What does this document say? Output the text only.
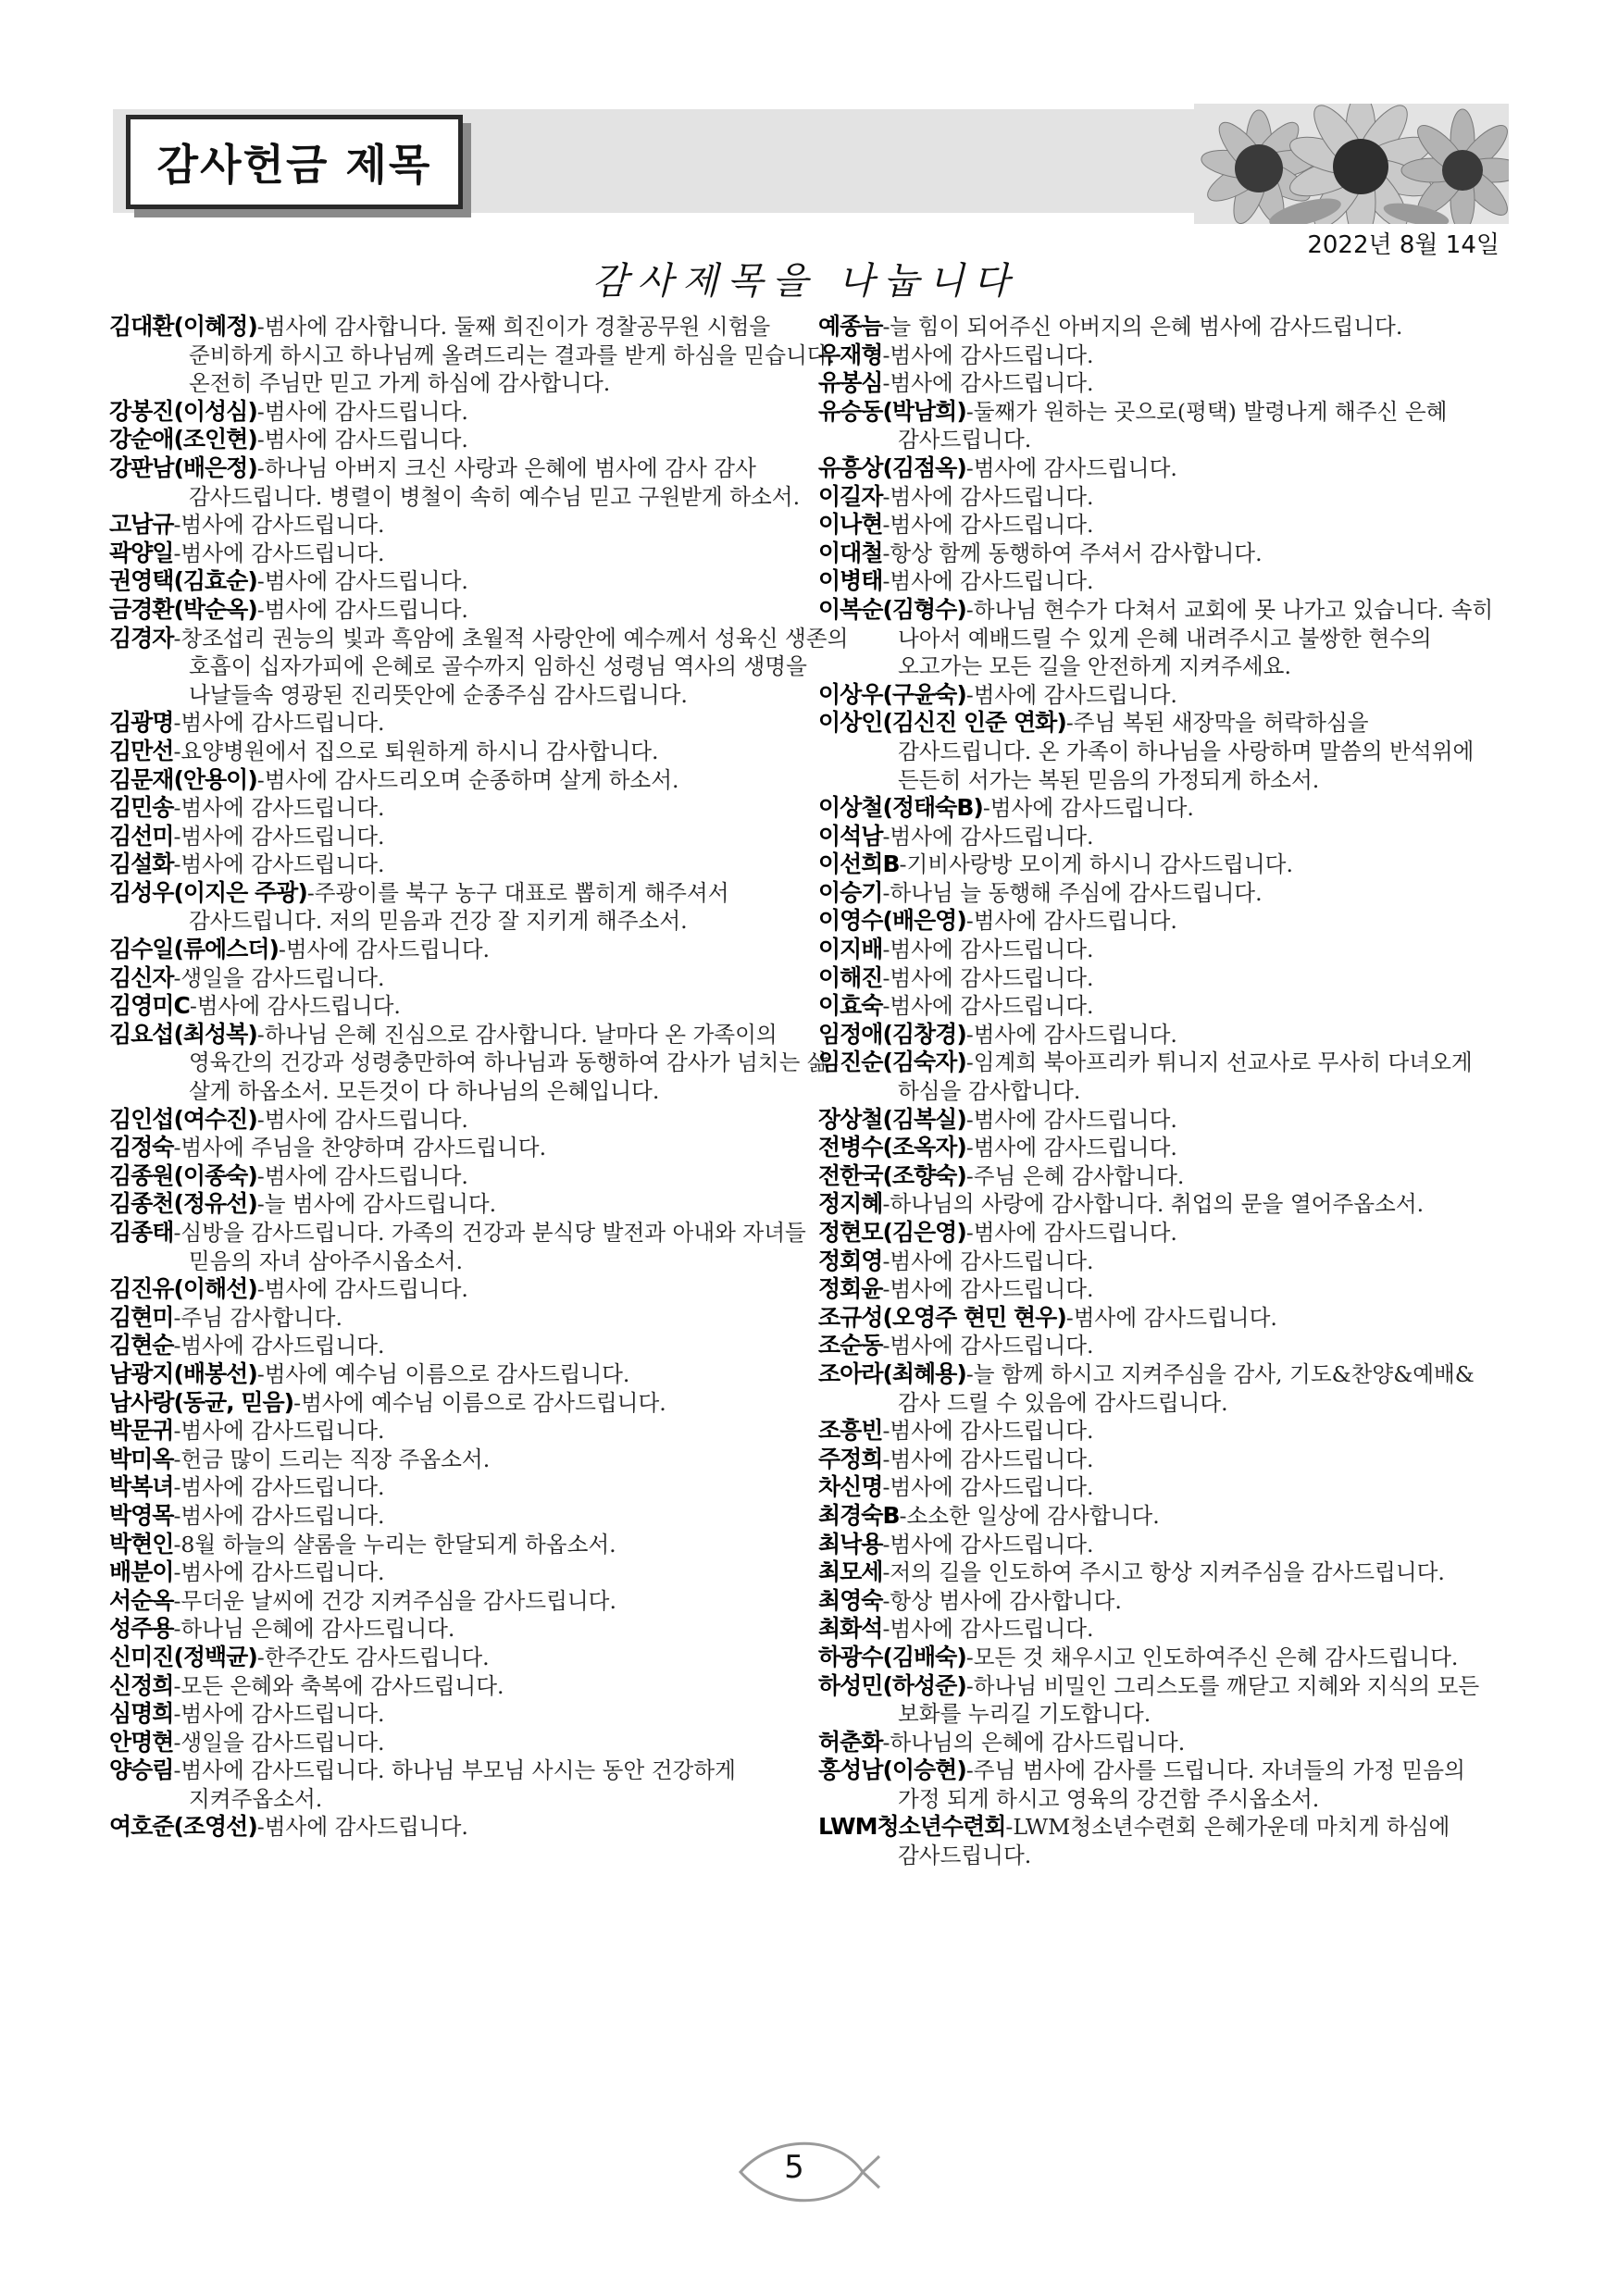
감사헌금 제목
2022년 8월 14일
감사제목을 나눕니다
김대환(이혜정)-범사에 감사합니다. 둘째 희진이가 경찰공무원 시험을 준비하게 하시고 하나님께 올려드리는 결과를 받게 하심을 믿습니다. 온전히 주님만 믿고 가게 하심에 감사합니다.
강봉진(이성심)-범사에 감사드립니다.
강순애(조인현)-범사에 감사드립니다.
강판남(배은정)-하나님 아버지 크신 사랑과 은혜에 범사에 감사 감사 감사드립니다. 병렬이 병철이 속히 예수님 믿고 구원받게 하소서.
고남규-범사에 감사드립니다.
곽양일-범사에 감사드립니다.
권영택(김효순)-범사에 감사드립니다.
금경환(박순옥)-범사에 감사드립니다.
김경자-창조섭리 권능의 빛과 흑암에 초월적 사랑안에 예수께서 성육신 생존의 호흡이 십자가피에 은혜로 골수까지 임하신 성령님 역사의 생명을 나날들속 영광된 진리뜻안에 순종주심 감사드립니다.
김광명-범사에 감사드립니다.
김만선-요양병원에서 집으로 퇴원하게 하시니 감사합니다.
김문재(안용이)-범사에 감사드리오며 순종하며 살게 하소서.
김민송-범사에 감사드립니다.
김선미-범사에 감사드립니다.
김설화-범사에 감사드립니다.
김성우(이지은 주광)-주광이를 북구 농구 대표로 뽑히게 해주셔서 감사드립니다. 저의 믿음과 건강 잘 지키게 해주소서.
김수일(류에스더)-범사에 감사드립니다.
김신자-생일을 감사드립니다.
김영미C-범사에 감사드립니다.
김요섭(최성복)-하나님 은혜 진심으로 감사합니다. 날마다 온 가족이의 영육간의 건강과 성령충만하여 하나님과 동행하여 감사가 넘치는 삶 살게 하옵소서. 모든것이 다 하나님의 은혜입니다.
김인섭(여수진)-범사에 감사드립니다.
김정숙-범사에 주님을 찬양하며 감사드립니다.
김종원(이종숙)-범사에 감사드립니다.
김종천(정유선)-늘 범사에 감사드립니다.
김종태-심방을 감사드립니다. 가족의 건강과 분식당 발전과 아내와 자녀들 믿음의 자녀 삼아주시옵소서.
김진유(이해선)-범사에 감사드립니다.
김현미-주님 감사합니다.
김현순-범사에 감사드립니다.
남광지(배봉선)-범사에 예수님 이름으로 감사드립니다.
남사랑(동균, 믿음)-범사에 예수님 이름으로 감사드립니다.
박문귀-범사에 감사드립니다.
박미옥-헌금 많이 드리는 직장 주옵소서.
박복녀-범사에 감사드립니다.
박영목-범사에 감사드립니다.
박현인-8월 하늘의 샬롬을 누리는 한달되게 하옵소서.
배분이-범사에 감사드립니다.
서순옥-무더운 날씨에 건강 지켜주심을 감사드립니다.
성주용-하나님 은혜에 감사드립니다.
신미진(정백균)-한주간도 감사드립니다.
신정희-모든 은혜와 축복에 감사드립니다.
심명희-범사에 감사드립니다.
안명현-생일을 감사드립니다.
양승림-범사에 감사드립니다. 하나님 부모님 사시는 동안 건강하게 지켜주옵소서.
여호준(조영선)-범사에 감사드립니다.
예종늠-늘 힘이 되어주신 아버지의 은혜 범사에 감사드립니다.
우재형-범사에 감사드립니다.
유봉심-범사에 감사드립니다.
유승동(박남희)-둘째가 원하는 곳으로(평택) 발령나게 해주신 은혜 감사드립니다.
유흥상(김점옥)-범사에 감사드립니다.
이길자-범사에 감사드립니다.
이나현-범사에 감사드립니다.
이대철-항상 함께 동행하여 주셔서 감사합니다.
이병태-범사에 감사드립니다.
이복순(김형수)-하나님 현수가 다쳐서 교회에 못 나가고 있습니다. 속히 나아서 예배드릴 수 있게 은혜 내려주시고 불쌍한 현수의 오고가는 모든 길을 안전하게 지켜주세요.
이상우(구윤숙)-범사에 감사드립니다.
이상인(김신진 인준 연화)-주님 복된 새장막을 허락하심을 감사드립니다. 온 가족이 하나님을 사랑하며 말씀의 반석위에 든든히 서가는 복된 믿음의 가정되게 하소서.
이상철(정태숙B)-범사에 감사드립니다.
이석남-범사에 감사드립니다.
이선희B-기비사랑방 모이게 하시니 감사드립니다.
이승기-하나님 늘 동행해 주심에 감사드립니다.
이영수(배은영)-범사에 감사드립니다.
이지배-범사에 감사드립니다.
이해진-범사에 감사드립니다.
이효숙-범사에 감사드립니다.
임정애(김창경)-범사에 감사드립니다.
임진순(김숙자)-임계희 북아프리카 튀니지 선교사로 무사히 다녀오게 하심을 감사합니다.
장상철(김복실)-범사에 감사드립니다.
전병수(조옥자)-범사에 감사드립니다.
전한국(조향숙)-주님 은혜 감사합니다.
정지혜-하나님의 사랑에 감사합니다. 취업의 문을 열어주옵소서.
정현모(김은영)-범사에 감사드립니다.
정회영-범사에 감사드립니다.
정회윤-범사에 감사드립니다.
조규성(오영주 현민 현우)-범사에 감사드립니다.
조순동-범사에 감사드립니다.
조아라(최혜용)-늘 함께 하시고 지켜주심을 감사, 기도&찬양&예배& 감사 드릴 수 있음에 감사드립니다.
조흥빈-범사에 감사드립니다.
주정희-범사에 감사드립니다.
차신명-범사에 감사드립니다.
최경숙B-소소한 일상에 감사합니다.
최낙용-범사에 감사드립니다.
최모세-저의 길을 인도하여 주시고 항상 지켜주심을 감사드립니다.
최영숙-항상 범사에 감사합니다.
최화석-범사에 감사드립니다.
하광수(김배숙)-모든 것 채우시고 인도하여주신 은혜 감사드립니다.
하성민(하성준)-하나님 비밀인 그리스도를 깨닫고 지혜와 지식의 모든 보화를 누리길 기도합니다.
허춘화-하나님의 은혜에 감사드립니다.
홍성남(이승현)-주님 범사에 감사를 드립니다. 자녀들의 가정 믿음의 가정 되게 하시고 영육의 강건함 주시옵소서.
LWM청소년수련회-LWM청소년수련회 은혜가운데 마치게 하심에 감사드립니다.
5
